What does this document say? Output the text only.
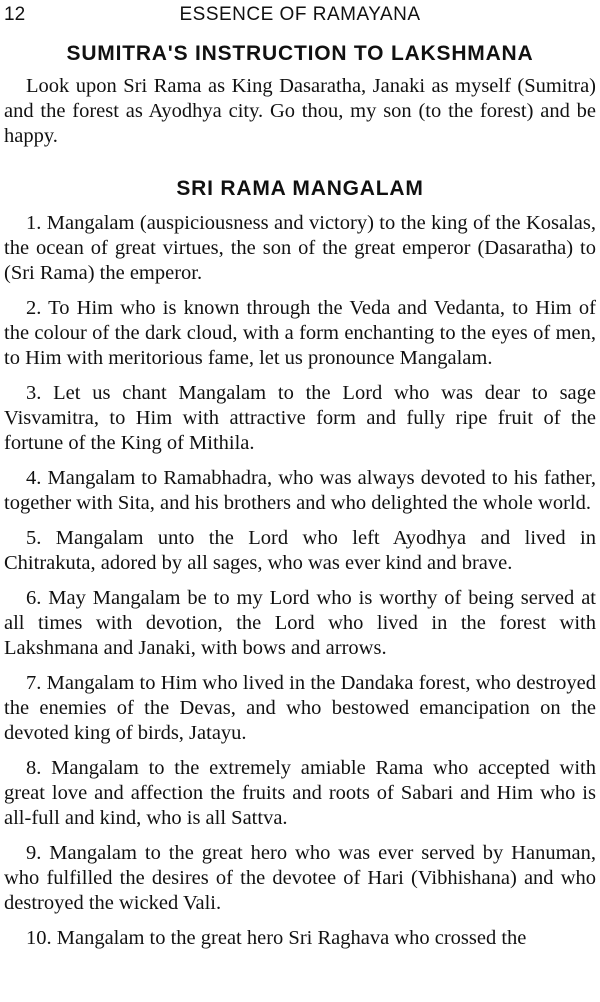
12	ESSENCE OF RAMAYANA
SUMITRA'S INSTRUCTION TO LAKSHMANA

Look upon Sri Rama as King Dasaratha, Janaki as myself (Sumitra) and the forest as Ayodhya city. Go thou, my son (to the forest) and be happy.

SRI RAMA MANGALAM

1. Mangalam (auspiciousness and victory) to the king of the Kosalas, the ocean of great virtues, the son of the great emperor (Dasaratha) to (Sri Rama) the emperor.

2. To Him who is known through the Veda and Vedanta, to Him of the colour of the dark cloud, with a form enchanting to the eyes of men, to Him with meritorious fame, let us pronounce Mangalam.

3. Let us chant Mangalam to the Lord who was dear to sage Visvamitra, to Him with attractive form and fully ripe fruit of the fortune of the King of Mithila.

4. Mangalam to Ramabhadra, who was always devoted to his father, together with Sita, and his brothers and who delighted the whole world.

5. Mangalam unto the Lord who left Ayodhya and lived in Chitrakuta, adored by all sages, who was ever kind and brave.

6. May Mangalam be to my Lord who is worthy of being served at all times with devotion, the Lord who lived in the forest with Lakshmana and Janaki, with bows and arrows.

7. Mangalam to Him who lived in the Dandaka forest, who destroyed the enemies of the Devas, and who bestowed emancipation on the devoted king of birds, Jatayu.

8. Mangalam to the extremely amiable Rama who accepted with great love and affection the fruits and roots of Sabari and Him who is all-full and kind, who is all Sattva.

9. Mangalam to the great hero who was ever served by Hanuman, who fulfilled the desires of the devotee of Hari (Vibhishana) and who destroyed the wicked Vali.

10. Mangalam to the great hero Sri Raghava who crossed the
